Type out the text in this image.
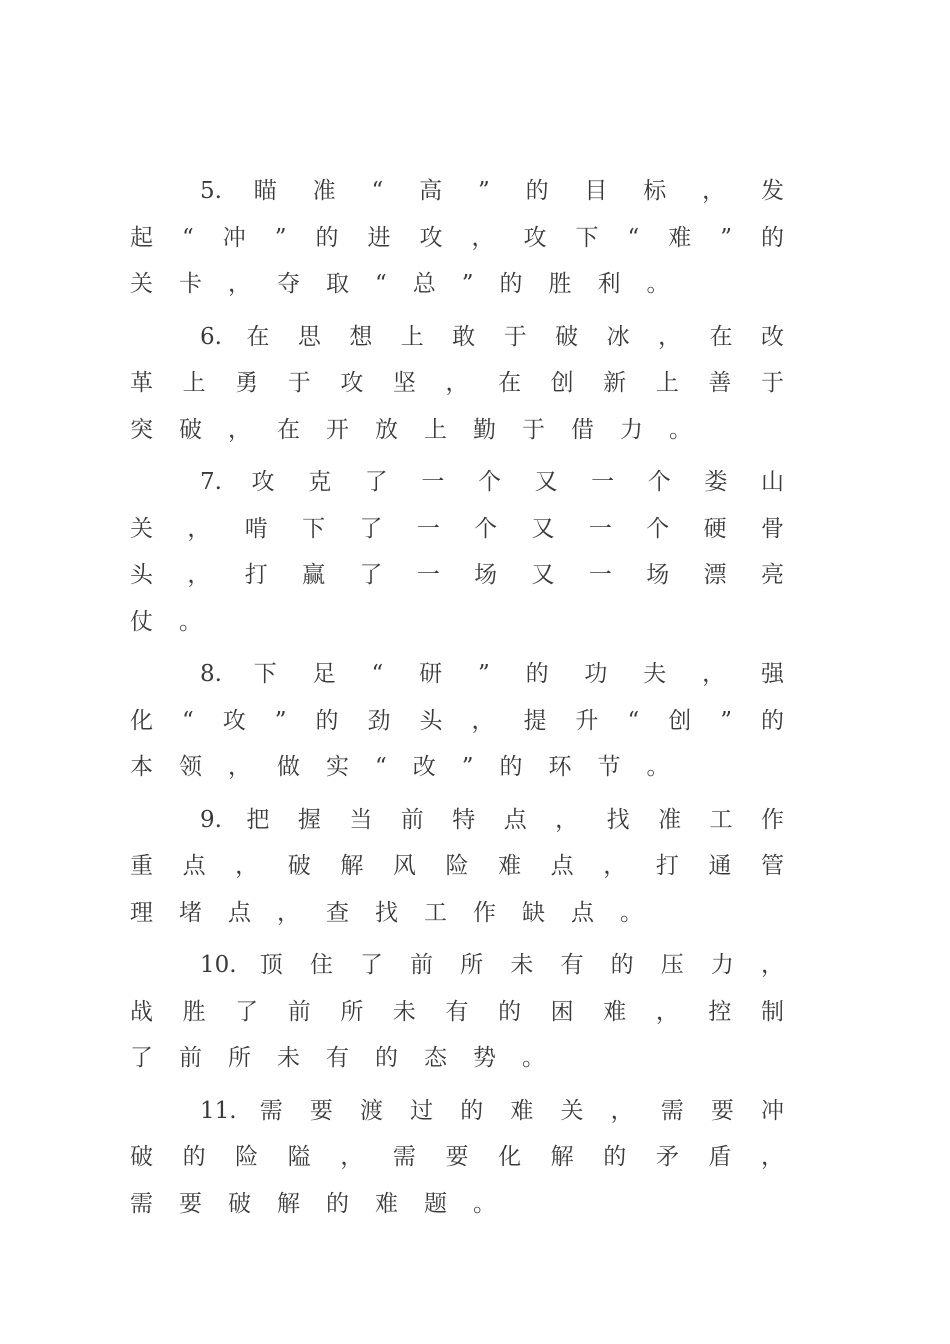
5. 瞄准“高”的目标，发起“冲”的进攻，攻下“难”的关卡，夺取“总”的胜利。

6. 在思想上敢于破冰，在改革上勇于攻坚，在创新上善于突破，在开放上勤于借力。

7. 攻克了一个又一个娄山关，啃下了一个又一个硬骨头，打赢了一场又一场漂亮仗。

8. 下足“研”的功夫，强化“攻”的劲头，提升“创”的本领，做实“改”的环节。

9. 把握当前特点，找准工作重点，破解风险难点，打通管理堵点，查找工作缺点。

10. 顶住了前所未有的压力，战胜了前所未有的困难，控制了前所未有的态势。

11. 需要渡过的难关，需要冲破的险隘，需要化解的矛盾，需要破解的难题。
